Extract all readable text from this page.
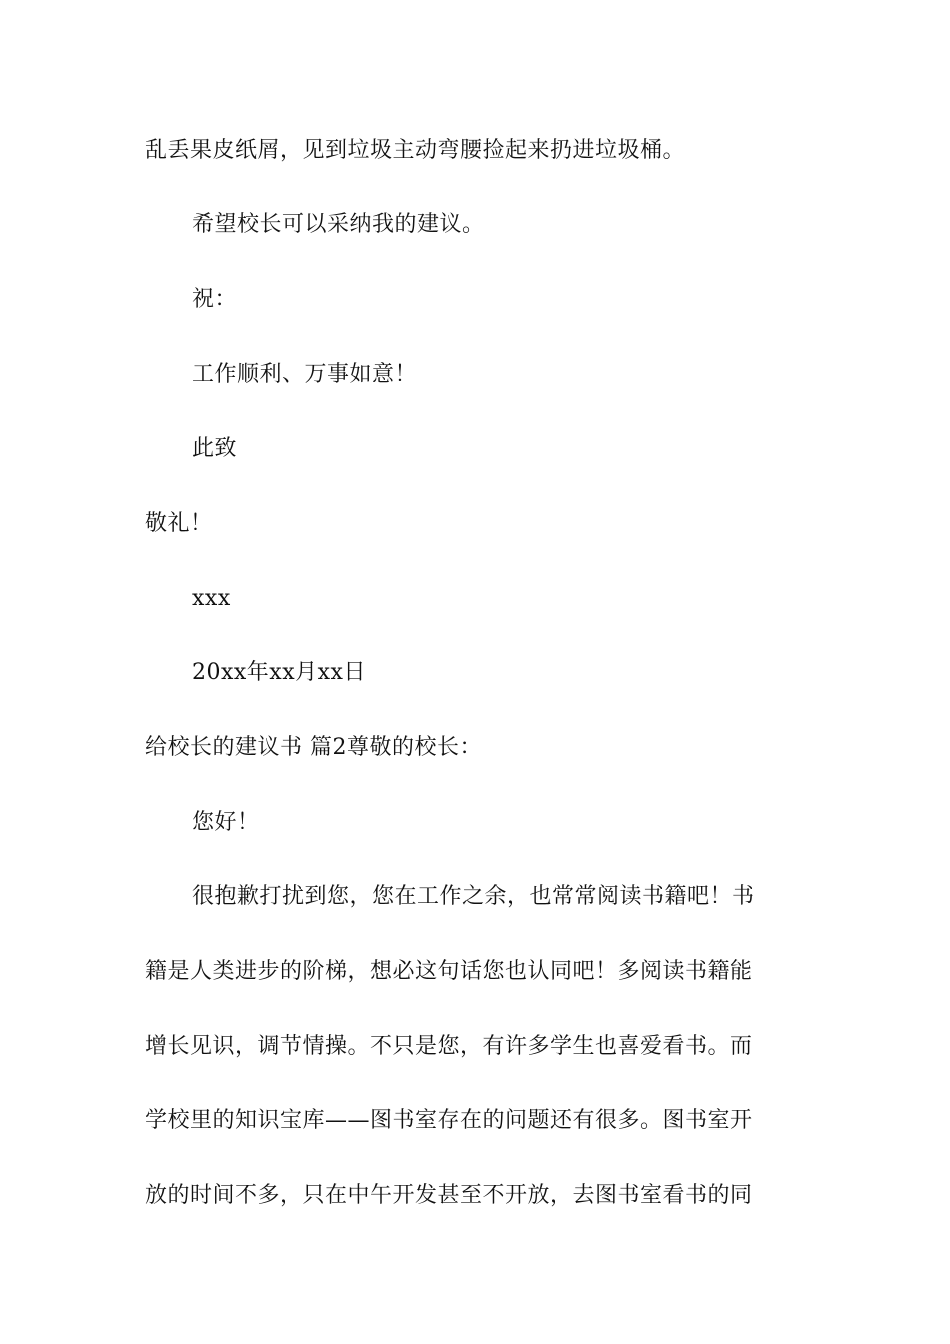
乱丢果皮纸屑，见到垃圾主动弯腰捡起来扔进垃圾桶。
希望校长可以采纳我的建议。
祝：
工作顺利、万事如意！
此致
敬礼！
xxx
20xx年xx月xx日
给校长的建议书 篇2尊敬的校长：
您好！
很抱歉打扰到您，您在工作之余，也常常阅读书籍吧！书
籍是人类进步的阶梯，想必这句话您也认同吧！多阅读书籍能
增长见识，调节情操。不只是您，有许多学生也喜爱看书。而
学校里的知识宝库——图书室存在的问题还有很多。图书室开
放的时间不多，只在中午开发甚至不开放，去图书室看书的同
